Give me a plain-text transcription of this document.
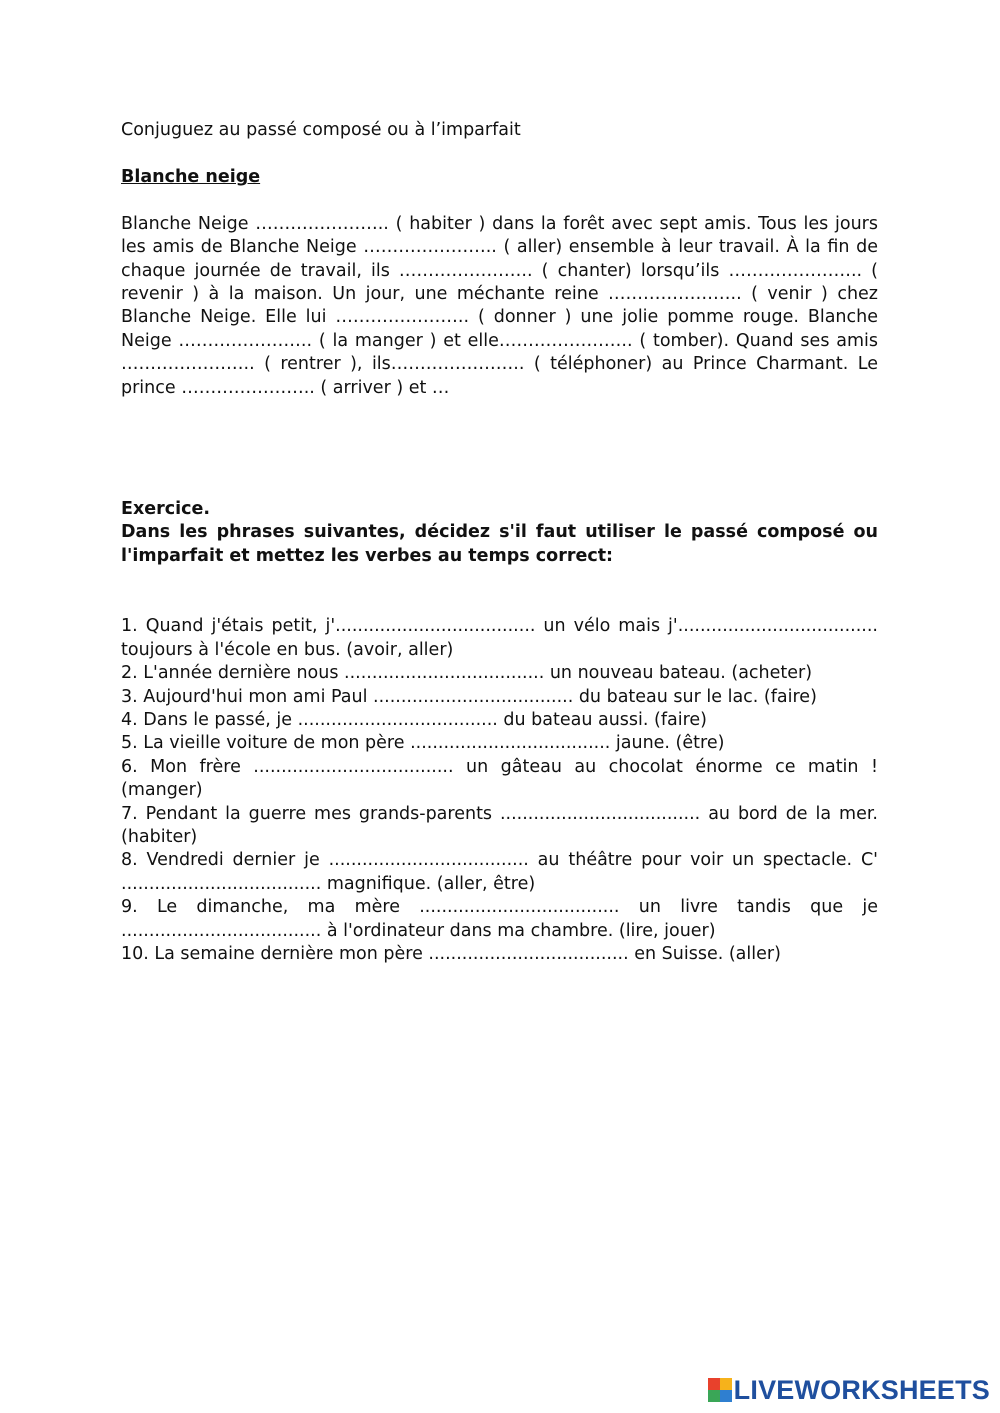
Conjuguez au passé composé ou à l’imparfait

Blanche neige

Blanche Neige ………………….. ( habiter ) dans la forêt avec sept amis. Tous les jours les amis de Blanche Neige ………………….. ( aller) ensemble à leur travail. À la fin de chaque journée de travail, ils ………………….. ( chanter) lorsqu’ils ………………….. ( revenir ) à la maison. Un jour, une méchante reine ………………….. ( venir ) chez Blanche Neige. Elle lui ………………….. ( donner ) une jolie pomme rouge. Blanche Neige ………………….. ( la manger ) et elle………………….. ( tomber). Quand ses amis ………………….. ( rentrer ), ils………………….. ( téléphoner) au Prince Charmant. Le prince ………………….. ( arriver ) et …

Exercice.

Dans les phrases suivantes, décidez s'il faut utiliser le passé composé ou l'imparfait et mettez les verbes au temps correct:

1. Quand j'étais petit, j'.................................... un vélo mais j'.................................... toujours à l'école en bus. (avoir, aller)
2. L'année dernière nous .................................... un nouveau bateau. (acheter)
3. Aujourd'hui mon ami Paul .................................... du bateau sur le lac. (faire)
4. Dans le passé, je .................................... du bateau aussi. (faire)
5. La vieille voiture de mon père .................................... jaune. (être)
6. Mon frère .................................... un gâteau au chocolat énorme ce matin ! (manger)
7. Pendant la guerre mes grands-parents .................................... au bord de la mer. (habiter)
8. Vendredi dernier je .................................... au théâtre pour voir un spectacle. C' .................................... magnifique. (aller, être)
9. Le dimanche, ma mère .................................... un livre tandis que je .................................... à l'ordinateur dans ma chambre. (lire, jouer)
10. La semaine dernière mon père .................................... en Suisse. (aller)
LIVEWORKSHEETS
